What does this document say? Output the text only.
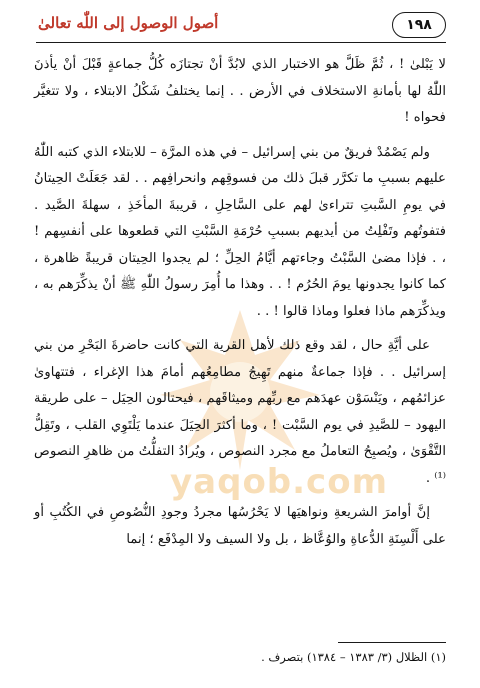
١٩٨
أصول الوصول إلى اللّٰه تعالىٰ
yaqob.com

لا يَبْلىٰ ! ، ثُمَّ ظَلَّ هو الاختبار الذي لابُدَّ أنْ تجتازَه كُلُّ جماعةٍ قَبْلَ أنْ يأذنَ اللّٰهُ لها بأمانةِ الاستخلاف في الأرض . . إنما يختلفُ شَكْلُ الابتلاء ، ولا تتغيَّر فحواه !

ولم يَصْمُدْ فريقٌ من بني إسرائيل – في هذه المرَّة – للابتلاء الذي كتبه اللّٰهُ عليهم بسببِ ما تكرَّر قبلَ ذلك من فسوقِهم وانحرافِهم . . لقد جَعَلَتْ الحِيتانُ في يومِ السَّبتِ تتراءىٰ لهم على السَّاحِلِ ، قريبةَ المأخَذِ ، سهلةَ الصَّيد . فتفوتُهم وتَفْلِتُ من أيديهم بسببِ حُرْمَةِ السَّبْتِ التي قطعوها على أنفسِهم ! ، . فإذا مضىٰ السَّبْتُ وجاءتهم أيَّامُ الحِلِّ ؛ لم يجدوا الحِيتان قريبةً ظاهرة ، كما كانوا يجدونها يومَ الحُرُم ! . . وهذا ما أُمِرَ رسولُ اللّٰهِ ﷺ أنْ يذكِّرَهم به ، ويذكِّرَهم ماذا فعلوا وماذا قالوا ! . .

على أيَّةِ حال ، لقد وقع ذلك لأهل القرية التي كانت حاضرةَ البَحْرِ من بني إسرائيل . . فإذا جماعةٌ منهم تَهِيجُ مطامِعُهم أمامَ هذا الإغراء ، فتتهاوىٰ عزائمُهم ، ويَنْسَوْن عهدَهم مع ربِّهم وميثاقَهم ، فيحتالون الحِيَل – على طريقة اليهود – للصَّيدِ في يوم السَّبْت ! ، وما أكثرَ الحِيَلَ عندما يَلْتَوِي القلب ، وتَقِلُّ التَّقْوَىٰ ، ويُصبِحُ التعاملُ مع مجرد النصوص ، ويُرادُ التفلُّتُ من ظاهرِ النصوص ⁽¹⁾ .

إنَّ أوامرَ الشريعةِ ونواهيَها لا يَحْرُسُها مجردُ وجودِ النُّصُوصِ في الكُتُبِ أو على أَلْسِنَةِ الدُّعاةِ والوُعَّاظ ، بل ولا السيف ولا المِدْفَع ؛ إنما

(١) الظلال (٣/ ١٣٨٣ – ١٣٨٤) بتصرف .
